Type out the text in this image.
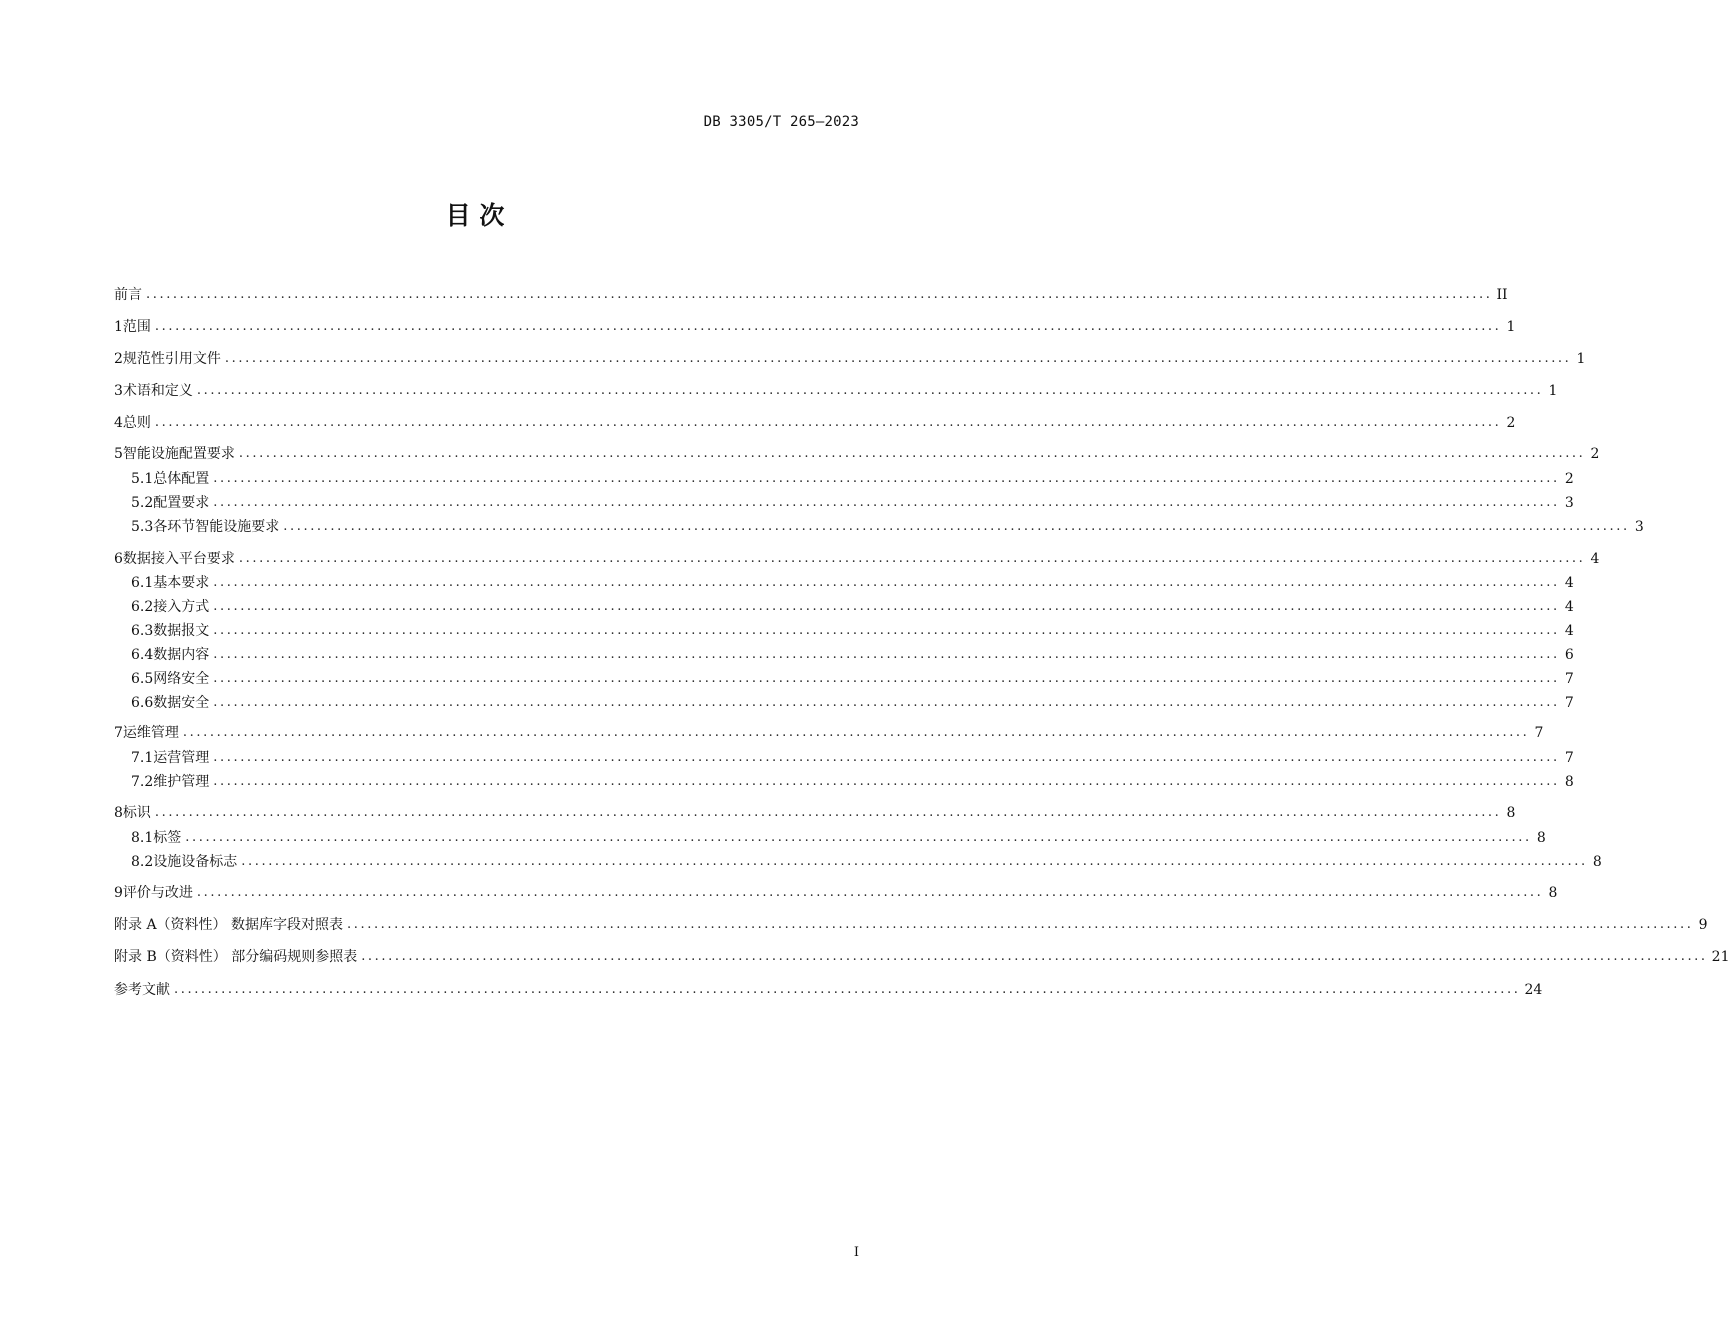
DB 3305/T 265—2023
目 次
前言 ........................................................................................................................................................................................................ II
1 范围 ........................................................................................................................................................................................................ 1
2 规范性引用文件 ........................................................................................................................................................................................................ 1
3 术语和定义 ........................................................................................................................................................................................................ 1
4 总则 ........................................................................................................................................................................................................ 2
5 智能设施配置要求 ........................................................................................................................................................................................................ 2
5.1 总体配置 ........................................................................................................................................................................................................ 2
5.2 配置要求 ........................................................................................................................................................................................................ 3
5.3 各环节智能设施要求 ........................................................................................................................................................................................................ 3
6 数据接入平台要求 ........................................................................................................................................................................................................ 4
6.1 基本要求 ........................................................................................................................................................................................................ 4
6.2 接入方式 ........................................................................................................................................................................................................ 4
6.3 数据报文 ........................................................................................................................................................................................................ 4
6.4 数据内容 ........................................................................................................................................................................................................ 6
6.5 网络安全 ........................................................................................................................................................................................................ 7
6.6 数据安全 ........................................................................................................................................................................................................ 7
7 运维管理 ........................................................................................................................................................................................................ 7
7.1 运营管理 ........................................................................................................................................................................................................ 7
7.2 维护管理 ........................................................................................................................................................................................................ 8
8 标识 ........................................................................................................................................................................................................ 8
8.1 标签 ........................................................................................................................................................................................................ 8
8.2 设施设备标志 ........................................................................................................................................................................................................ 8
9 评价与改进 ........................................................................................................................................................................................................ 8
附录 A（资料性） 数据库字段对照表 ........................................................................................................................................................................................................ 9
附录 B（资料性） 部分编码规则参照表 ........................................................................................................................................................................................................ 21
参考文献 ........................................................................................................................................................................................................ 24
I
